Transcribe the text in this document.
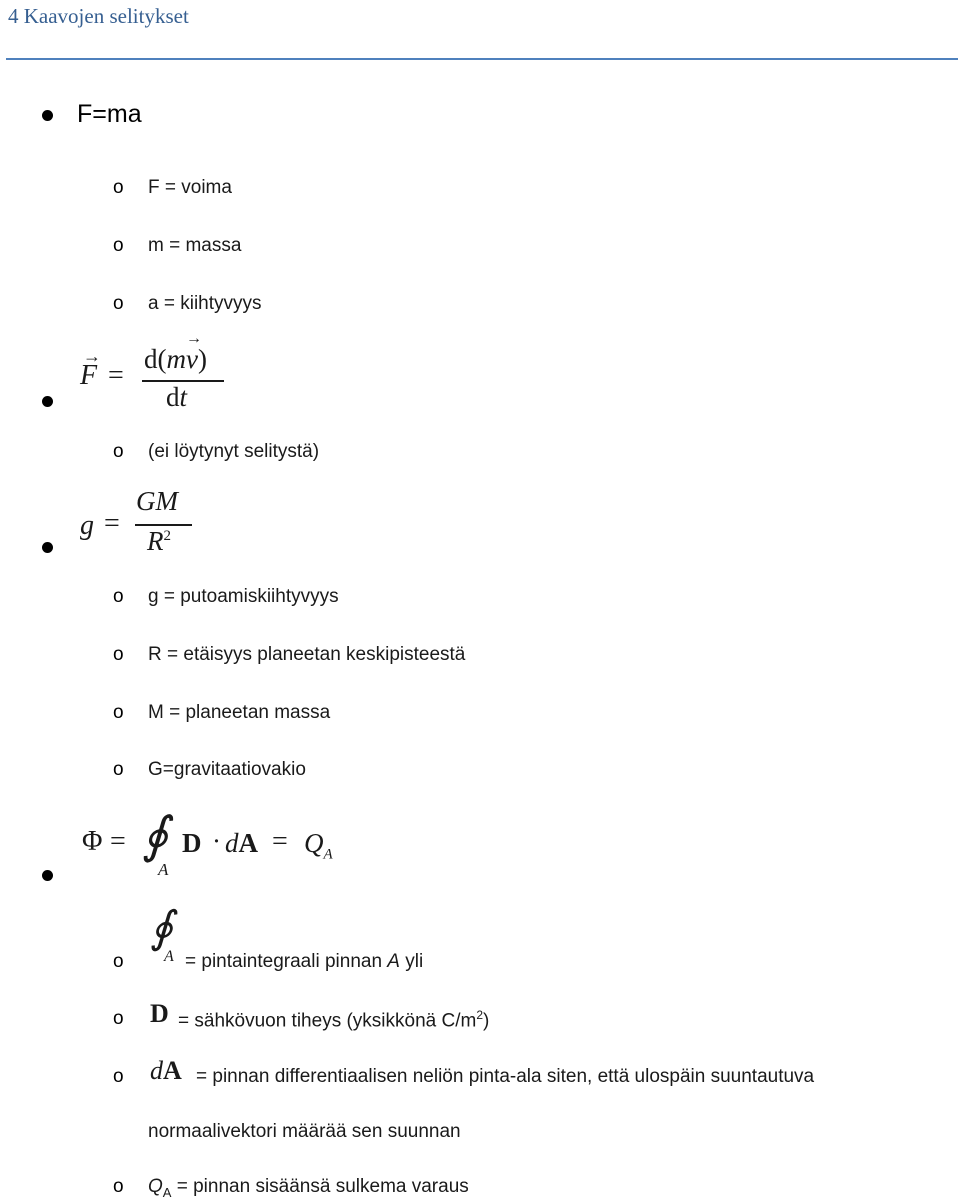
4 Kaavojen selitykset
F=ma
o F = voima
o m = massa
o a = kiihtyvyys
F
→
=
d(mv
→
)
dt
o (ei löytynyt selitystä)
g =
GM
$R^2$
o g = putoamiskiihtyvyys
o R = etäisyys planeetan keskipisteestä
o M = planeetan massa
o G=gravitaatiovakio
Φ = ∮
A
D · dA = $Q_A$
o
∮
A = pintaintegraali pinnan A yli
o D = sähkövuon tiheys (yksikkönä $C/m^2$)
o dA = pinnan differentiaalisen neliön pinta-ala siten, että ulospäin suuntautuva
normaalivektori määrää sen suunnan
o $Q_A$ = pinnan sisäänsä sulkema varaus
